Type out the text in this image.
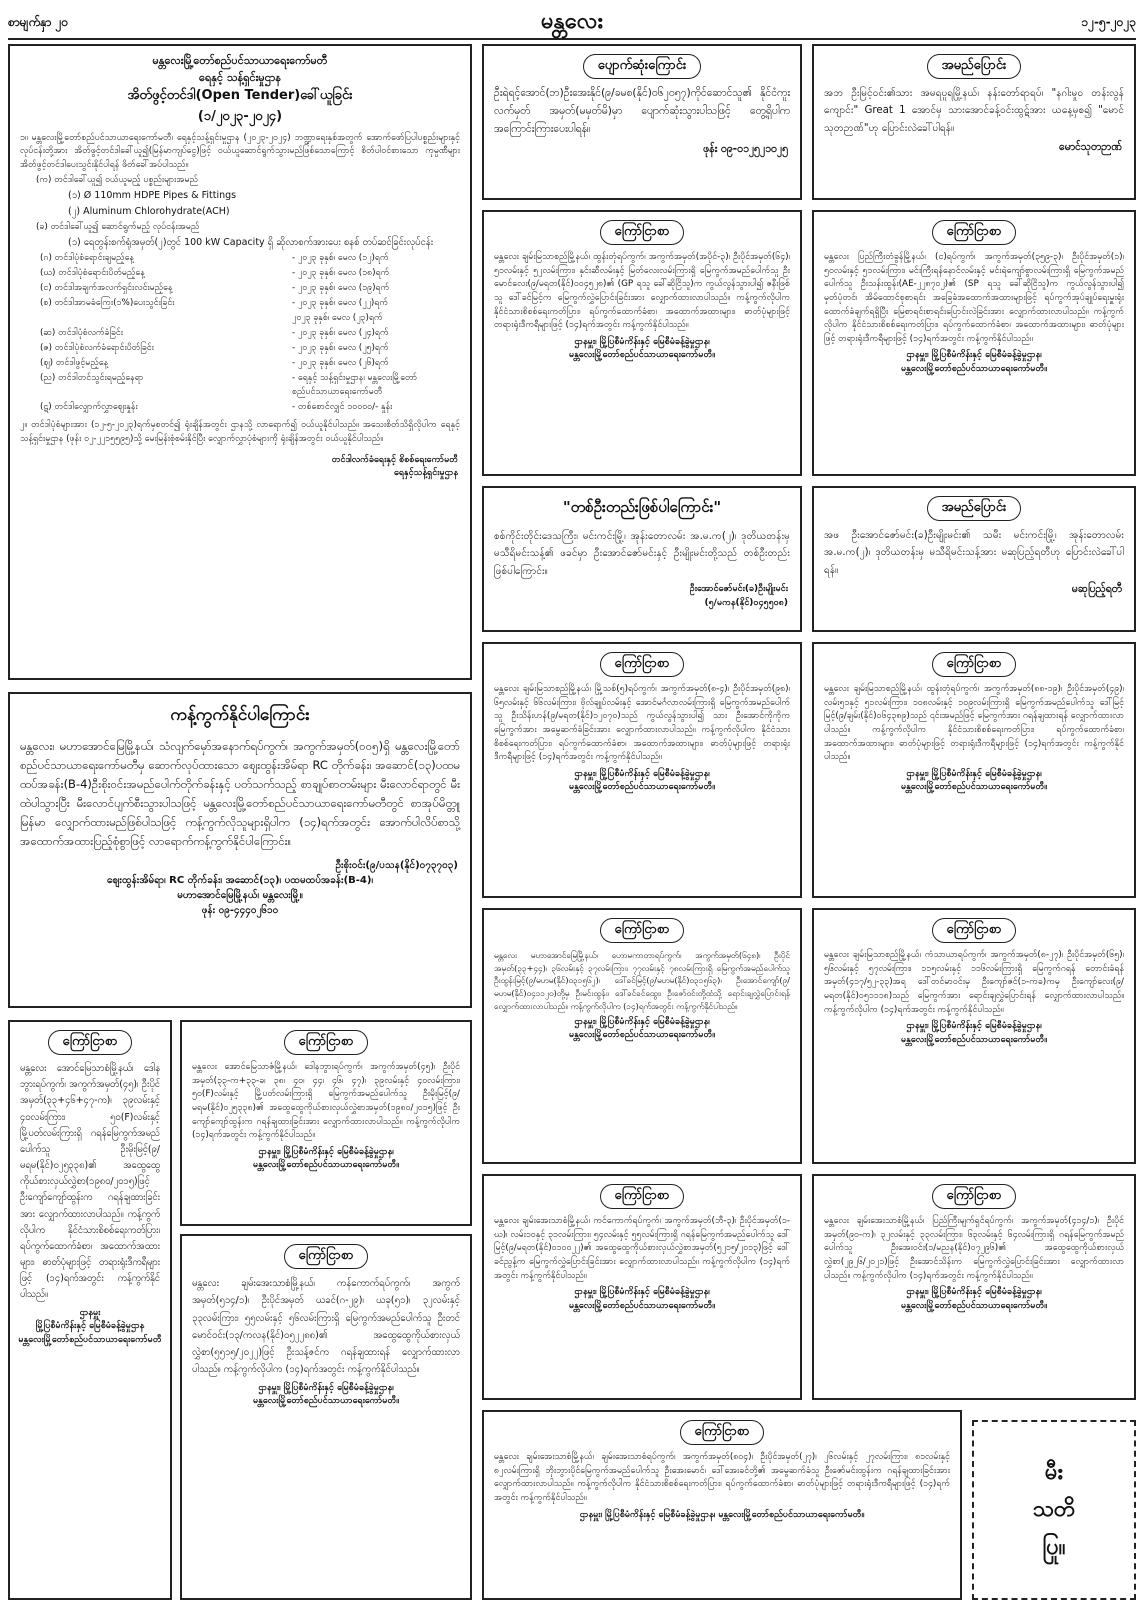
စာမျက်နှာ ၂၀	မန္တလေး	၁၂-၅-၂၀၂၃
မန္တလေးမြို့တော်စည်ပင်သာယာရေးကော်မတီ
ရေနှင့် သန့်ရှင်းမှုဌာန
အိတ်ဖွင့်တင်ဒါ(Open Tender)ခေါ်ယူခြင်း
(၁/၂၀၂၃-၂၀၂၄)
၁။ မန္တလေးမြို့တော်စည်ပင်သာယာရေးကော်မတီ၊ ရေနှင့်သန့်ရှင်းမှုဌာန (၂၀၂၃-၂၀၂၄) ဘဏ္ဍာရေးနှစ်အတွက် အောက်ဖော်ပြပါပစ္စည်းများနှင့် လုပ်ငန်းတို့အား အိတ်ဖွင့်တင်ဒါခေါ်ယူ၍(မြန်မာကျပ်ငွေ)ဖြင့် ဝယ်ယူဆောင်ရွက်သွားမည်ဖြစ်သောကြောင့် စိတ်ပါဝင်စားသော ကုမ္ပဏီများ အိတ်ဖွင့်တင်ဒါပေးသွင်းနိုင်ပါရန် ဖိတ်ခေါ်အပ်ပါသည်။
(က) တင်ဒါခေါ်ယူ၍ ဝယ်ယူမည့် ပစ္စည်းများအမည်
(၁) Ø 110mm HDPE Pipes & Fittings
(၂) Aluminum Chlorohydrate(ACH)
(ခ) တင်ဒါခေါ်ယူ၍ ဆောင်ရွက်မည့် လုပ်ငန်းအမည်
(၁) ရေတွန်းစက်ရုံအမှတ်(၂)တွင် 100 kW Capacity ရှိ ဆိုလာစက်အားပေး စနစ် တပ်ဆင်ခြင်းလုပ်ငန်း
(ဂ) တင်ဒါပုံစံရောင်းချမည့်နေ့	- ၂၀၂၃ ခုနှစ်၊ မေလ (၁၂)ရက်
(ဃ) တင်ဒါပုံစံရောင်းပိတ်မည့်နေ့	- ၂၀၂၃ ခုနှစ်၊ မေလ (၁၈)ရက်
(င) တင်ဒါအချက်အလက်ရှင်းလင်းမည့်နေ့	- ၂၀၂၃ ခုနှစ်၊ မေလ (၁၉)ရက်
(စ) တင်ဒါအာမခံကြေး(၁%)ပေးသွင်းခြင်း	- ၂၀၂၃ ခုနှစ်၊ မေလ (၂၂)ရက်
၂၀၂၃ ခုနှစ်၊ မေလ (၂၃)ရက်
(ဆ) တင်ဒါပုံစံလက်ခံခြင်း	- ၂၀၂၃ ခုနှစ်၊ မေလ (၂၄)ရက်
(ဇ) တင်ဒါပုံစံလက်ခံရောင်းပိတ်ခြင်း	- ၂၀၂၃ ခုနှစ်၊ မေလ (၂၅)ရက်
(ဈ) တင်ဒါဖွင့်မည့်နေ့	- ၂၀၂၃ ခုနှစ်၊ မေလ (၂၆)ရက်
(ည) တင်ဒါတင်သွင်းရမည့်နေရာ	- ရေနှင့် သန့်ရှင်းမှုဌာန၊ မန္တလေးမြို့တော် စည်ပင်သာယာရေးကော်မတီ
(ဋ) တင်ဒါလျှောက်လွှာစျေးနှုန်း	- တစ်စောင်လျှင် ၁၀၀၀၀/- နှုန်း
၂။ တင်ဒါပုံစံများအား (၁၂-၅-၂၀၂၃)ရက်မှစတင်၍ ရုံးချိန်အတွင်း ဌာနသို့ လာရောက်၍ ဝယ်ယူနိုင်ပါသည်။ အသေးစိတ်သိရှိလိုပါက ရေနှင့်သန့်ရှင်းမှုဌာန (ဖုန်း ၀၂-၂၂၁၅၅၉၅)သို့ မေးမြန်းစုံစမ်းနိုင်ပြီး လျှောက်လွှာပုံစံများကို ရုံးချိန်အတွင်း ဝယ်ယူနိုင်ပါသည်။
တင်ဒါလက်ခံရေးနှင့် စိစစ်ရေးကော်မတီ
ရေနှင့်သန့်ရှင်းမှုဌာန
ကန့်ကွက်နိုင်ပါကြောင်း
မန္တလေး၊ မဟာအောင်မြေမြို့နယ်၊ သံလျက်မှော်အနောက်ရပ်ကွက်၊ အကွက်အမှတ်(၀၀၅)ရှိ မန္တလေးမြို့တော်စည်ပင်သာယာရေးကော်မတီမှ ဆောက်လုပ်ထားသော ဈေးထွန်းအိမ်ရာ RC တိုက်ခန်း၊ အဆောင်(၁၃)ပထမထပ်အခန်း(B-4)ဦးစိုးဝင်းအမည်ပေါက်တိုက်ခန်းနှင့် ပတ်သက်သည့် စာချုပ်စာတမ်းများ မီးလောင်ရာတွင် မီးထဲပါသွားပြီး မီးလောင်ပျက်စီးသွားပါသဖြင့် မန္တလေးမြို့တော်စည်ပင်သာယာရေးကော်မတီတွင် စာအုပ်မိတ္တူမြန်မာ လျှောက်ထားမည်ဖြစ်ပါသဖြင့် ကန့်ကွက်လိုသူများရှိပါက (၁၄)ရက်အတွင်း အောက်ပါလိပ်စာသို့ အထောက်အထားပြည့်စုံစွာဖြင့် လာရောက်ကန့်ကွက်နိုင်ပါကြောင်း။
ဦးစိုးဝင်း(၉/ပသန(နိုင်)၀၇၃၇၀၃)
ဈေးထွန်းအိမ်ရာ၊ RC တိုက်ခန်း၊ အဆောင်(၁၃)၊ ပထမထပ်အခန်း(B-4)၊
မဟာအောင်မြေမြို့နယ်၊ မန္တလေးမြို့။
ဖုန်း ၀၉-၄၄၄၀၂၆၁၀
ကြော်ငြာစာ
မန္တလေး အောင်မြေသာစံမြို့နယ်၊ ဒေါနဘွားရပ်ကွက်၊ အကွက်အမှတ်(၄၅)၊ ဦးပိုင်အမှတ်(၃၃+၄၆+၄၇-က)၊ ၃၉လမ်းနှင့် ၄၀လမ်းကြား၊ ၅၀(F)လမ်းနှင့် မြို့ပတ်လမ်းကြားရှိ ဂရန်မြေကွက်အမည်ပေါက်သူ ဦးမိုးမြင့်(၉/မရမ(နိုင်)၀၂၅၃၃၈)၏ အထွေထွေကိုယ်စားလှယ်လွှဲစာ(၁၉၈၀/၂၀၁၅)ဖြင့် ဦးကျော်ကျော်ထွန်းက ဂရန်ချထားခြင်းအား လျှောက်ထားလာပါသည်။ ကန့်ကွက်လိုပါက နိုင်ငံသားစိစစ်ရေးကတ်ပြား၊ ရပ်ကွက်ထောက်ခံစာ၊ အထောက်အထားများ၊ ဓာတ်ပုံများဖြင့် တရားရုံးဒီကရီများဖြင့် (၁၄)ရက်အတွင်း ကန့်ကွက်နိုင်ပါသည်။
ဌာနမှူး
မြို့ပြစီမံကိန်းနှင့် မြေစီမံခန့်ခွဲမှုဌာန
မန္တလေးမြို့တော်စည်ပင်သာယာရေးကော်မတီ
ကြော်ငြာစာ
မန္တလေး အောင်မြေသာဇံမြို့နယ်၊ ဒေါနဘွားရပ်ကွက်၊ အကွက်အမှတ်(၄၅)၊ ဦးပိုင်အမှတ်(၃၃-က+၃၃-ခ၊ ၃၈၊ ၄၀၊ ၄၄၊ ၄၆၊ ၄၇)၊ ၃၉လမ်းနှင့် ၄၀လမ်းကြား၊ ၅၀(F)လမ်းနှင့် မြို့ပတ်လမ်းကြားရှိ မြေကွက်အမည်ပေါက်သူ ဦးမိုးမြင့်(၉/မရမ(နိုင်)၀၂၅၃၃၈)၏ အထွေထွေကိုယ်စားလှယ်လွှဲစာအမှတ်(၁၉၈၀/၂၀၁၅)ဖြင့် ဦးကျော်ကျော်ထွန်းက ဂရန်ချထားခြင်းအား လျှောက်ထားလာပါသည်။ ကန့်ကွက်လိုပါက (၁၄)ရက်အတွင်း ကန့်ကွက်နိုင်ပါသည်။
ဌာနမှူး၊ မြို့ပြစီမံကိန်းနှင့် မြေစီမံခန့်ခွဲမှုဌာန၊
မန္တလေးမြို့တော်စည်ပင်သာယာရေးကော်မတီ။
ကြော်ငြာစာ
မန္တလေး ချမ်းအေးသာစံမြို့နယ်၊ ကန်ကောက်ရပ်ကွက်၊ အကွက်အမှတ်(၅၁၄/၁)၊ ဦးပိုင်အမှတ် ယခင်(ဂ-၂၉)၊ ယခု(၅၁)၊ ၃၂လမ်းနှင့် ၃၃လမ်းကြား၊ ၅၅လမ်းနှင့် ၅၆လမ်းကြားရှိ မြေကွက်အမည်ပေါက်သူ ဦးတင်မောင်ဝင်း(၁၃/ကလန(နိုင်)၀၅၂၂၈၈)၏ အထွေထွေကိုယ်စားလှယ်လွှဲစာ(၅၅၁၅/၂၀၂၂)ဖြင့် ဦးသန့်ဇင်က ဂရန်ချထားရန် လျှောက်ထားလာပါသည်။ ကန့်ကွက်လိုပါက (၁၄)ရက်အတွင်း ကန့်ကွက်နိုင်ပါသည်။
ဌာနမှူး၊ မြို့ပြစီမံကိန်းနှင့် မြေစီမံခန့်ခွဲမှုဌာန၊
မန္တလေးမြို့တော်စည်ပင်သာယာရေးကော်မတီ။
ပျောက်ဆုံးကြောင်း
ဦးရဲရင့်အောင်(ဘ)ဦးအေးနိုင်(၉/ခမစ(နိုင်)၀၆၂၀၅၇)ကိုင်ဆောင်သူ၏ နိုင်ငံကူးလက်မှတ် အမှတ်(မမှတ်မိ)မှာ ပျောက်ဆုံးသွားပါသဖြင့် တွေ့ရှိပါက အကြောင်းကြားပေးပါရန်။
ဖုန်း ၀၉-၀၁၂၅၂၁၀၂၅
အမည်ပြောင်း
အဘ ဦးမြင့်ဝင်း၏သား အမရပူရမြို့နယ်၊ နန်းတော်ရာရပ်၊ "နဂါးမှုဝ တန်းလွန်ကျောင်း" Great 1 အောင်မှ သားအောင်ခန့်ဝင်းထွဋ်အား ယနေ့မှစ၍ "မောင်သုတဉာဏ်"ဟု ပြောင်းလဲခေါ်ပါရန်။
မောင်သုတဉာဏ်
ကြော်ငြာစာ
မန္တလေး ချမ်းမြသာစည်မြို့နယ်၊ ထွန်းတုံရပ်ကွက်၊ အကွက်အမှတ်(အပိုင်-၃)၊ ဦးပိုင်အမှတ်(၆၄)၊ ၅၁လမ်းနှင့် ၅၂လမ်းကြား၊ နှင်းဆီလမ်းနှင့် မြတ်လေးလမ်းကြားရှိ မြေကွက်အမည်ပေါက်သူ ဦးမောင်လေး(၉/မရတ(နိုင်)၀၀၄၅၂၈)၏ (GP ရသူ ခေါ်ဆိုငြိသူ)က ကွယ်လွန်သွားပါ၍ ဇနီးဖြစ်သူ ဒေါ်ခင်မြင့်က မြေကွက်လွှဲပြောင်းခြင်းအား လျှောက်ထားလာပါသည်။ ကန့်ကွက်လိုပါက နိုင်ငံသားစိစစ်ရေးကတ်ပြား၊ ရပ်ကွက်ထောက်ခံစာ၊ အထောက်အထားများ၊ ဓာတ်ပုံများဖြင့် တရားရုံးဒီကရီများဖြင့် (၁၄)ရက်အတွင်း ကန့်ကွက်နိုင်ပါသည်။
ဌာနမှူး၊ မြို့ပြစီမံကိန်းနှင့် မြေစီမံခန့်ခွဲမှုဌာန၊
မန္တလေးမြို့တော်စည်ပင်သာယာရေးကော်မတီ။
ကြော်ငြာစာ
မန္တလေး ပြည်ကြီးတံခွန်မြို့နယ်၊ (င)ရပ်ကွက်၊ အကွက်အမှတ်(၃၅၉-၃)၊ ဦးပိုင်အမှတ်(၁)၊ ၅၀လမ်းနှင့် ၅၁လမ်းကြား၊ မင်းကြီးရန်နောင်လမ်းနှင့် မင်းရဲကျော်စွာလမ်းကြားရှိ မြေကွက်အမည်ပေါက်သူ ဦးသန်းထွန်း(AE-၂၂၈၇၀၂)၏ (SP ရသူ ခေါ်ဆိုငြိသူ)က ကွယ်လွန်သွားပါ၍ မှတ်ပုံတင်၊ အိမ်ထောင်စုစာရင်း အခြေခံအထောက်အထားများဖြင့် ရပ်ကွက်အုပ်ချုပ်ရေးမှူးရုံး ထောက်ခံချက်ရရှိပြီး မြေစာရင်းစာရင်းပြောင်းလဲခြင်းအား လျှောက်ထားလာပါသည်။ ကန့်ကွက်လိုပါက နိုင်ငံသားစိစစ်ရေးကတ်ပြား၊ ရပ်ကွက်ထောက်ခံစာ၊ အထောက်အထားများ၊ ဓာတ်ပုံများဖြင့် တရားရုံးဒီကရီများဖြင့် (၁၄)ရက်အတွင်း ကန့်ကွက်နိုင်ပါသည်။
ဌာနမှူး၊ မြို့ပြစီမံကိန်းနှင့် မြေစီမံခန့်ခွဲမှုဌာန၊
မန္တလေးမြို့တော်စည်ပင်သာယာရေးကော်မတီ။
"တစ်ဦးတည်းဖြစ်ပါကြောင်း"
စစ်ကိုင်းတိုင်းဒေသကြီး၊ မင်းကင်းမြို့၊ အုန်းတောလမ်း အ.မ.က(၂)၊ ဒုတိယတန်းမှ မသီရိမင်းသန့်၏ ဖခင်မှာ ဦးအောင်ဇော်မင်းနှင့် ဦးမျိုးမင်းတို့သည် တစ်ဦးတည်းဖြစ်ပါကြောင်း။
ဦးအောင်ဇော်မင်း(ခ)ဦးမျိုးမင်း
(၅/မကန(နိုင်)၀၄၅၅၀၈)
အမည်ပြောင်း
အဖ ဦးအောင်ဇော်မင်း(ခ)ဦးမျိုးမင်း၏ သမီး မင်းကင်းမြို့၊ အုန်းတောလမ်း အ.မ.က(၂)၊ ဒုတိယတန်းမှ မသီရိမင်းသန့်အား မဆုပြည့်ရတီဟု ပြောင်းလဲခေါ်ပါရန်။
မဆုပြည့်ရတီ
ကြော်ငြာစာ
မန္တလေး ချမ်းမြသာစည်မြို့နယ်၊ မြို့သစ်(၅)ရပ်ကွက်၊ အကွက်အမှတ်(၈-၄)၊ ဦးပိုင်အမှတ်(၉၈)၊ ၆၅လမ်းနှင့် ၆၆လမ်းကြား၊ ဗိုလ်ချုပ်လမ်းနှင့် အောင်မင်္ဂလာလမ်းကြားရှိ မြေကွက်အမည်ပေါက်သူ ဦးသိန်းဟန်(၉/မရတ(နိုင်)၁၂၀၇၀)သည် ကွယ်လွန်သွားပါ၍ သား ဦးအောင်ကိုကိုက မြေကွက်အား အမွေဆက်ခံခြင်းအား လျှောက်ထားလာပါသည်။ ကန့်ကွက်လိုပါက နိုင်ငံသားစိစစ်ရေးကတ်ပြား၊ ရပ်ကွက်ထောက်ခံစာ၊ အထောက်အထားများ၊ ဓာတ်ပုံများဖြင့် တရားရုံးဒီကရီများဖြင့် (၁၄)ရက်အတွင်း ကန့်ကွက်နိုင်ပါသည်။
ဌာနမှူး၊ မြို့ပြစီမံကိန်းနှင့် မြေစီမံခန့်ခွဲမှုဌာန၊
မန္တလေးမြို့တော်စည်ပင်သာယာရေးကော်မတီ။
ကြော်ငြာစာ
မန္တလေး ချမ်းမြသာစည်မြို့နယ်၊ ထွန်းတုံရပ်ကွက်၊ အကွက်အမှတ်(၈၈-၁၉)၊ ဦးပိုင်အမှတ်(၄၉)၊ လမ်း၅၁နှင့် ၅၁လမ်းကြား၊ ၁၀၈လမ်းနှင့် ၁၀၉လမ်းကြားရှိ မြေကွက်အမည်ပေါက်သူ ဒေါ်မြင့်မြင့်(၉/ချမ်း(နိုင်)၀၆၄၃၈၉)သည် ၎င်းအမည်ဖြင့် မြေကွက်အား ဂရန်ချထားရန် လျှောက်ထားလာပါသည်။ ကန့်ကွက်လိုပါက နိုင်ငံသားစိစစ်ရေးကတ်ပြား၊ ရပ်ကွက်ထောက်ခံစာ၊ အထောက်အထားများ၊ ဓာတ်ပုံများဖြင့် တရားရုံးဒီကရီများဖြင့် (၁၄)ရက်အတွင်း ကန့်ကွက်နိုင်ပါသည်။
ဌာနမှူး၊ မြို့ပြစီမံကိန်းနှင့် မြေစီမံခန့်ခွဲမှုဌာန၊
မန္တလေးမြို့တော်စည်ပင်သာယာရေးကော်မတီ။
ကြော်ငြာစာ
မန္တလေး မဟာအောင်မြေမြို့နယ်၊ ဟောမကာတာရပ်ကွက်၊ အကွက်အမှတ်(၆၄၈)၊ ဦးပိုင်အမှတ်(၃၃+၄၄)၊ ၃၆လမ်းနှင့် ၃၇လမ်းကြား၊ ၇၇လမ်းနှင့် ၇၈လမ်းကြားရှိ မြေကွက်အမည်ပေါက်သူ ဦးထွန်းမြင့်(၉/မဟမ(နိုင်)၀၃၁၅၆၂)၊ ဒေါ်ခင်မြင့်(၉/မဟမ(နိုင်)၀၃၁၅၆၃)၊ ဦးအောင်ကျော်(၉/မဟမ(နိုင်)၀၄၁၁၂၀)တို့မှ ဦးမင်းထွန်း၊ ဒေါ်ခင်ခင်ထွေး၊ ဦးဇော်ဝင်းတို့ထံသို့ ရောင်းချလွှဲပြောင်းရန် လျှောက်ထားလာပါသည်။ ကန့်ကွက်လိုပါက (၁၄)ရက်အတွင်း ကန့်ကွက်နိုင်ပါသည်။
ဌာနမှူး၊ မြို့ပြစီမံကိန်းနှင့် မြေစီမံခန့်ခွဲမှုဌာန၊
မန္တလေးမြို့တော်စည်ပင်သာယာရေးကော်မတီ။
ကြော်ငြာစာ
မန္တလေး ချမ်းမြသာစည်မြို့နယ်၊ ကံသာယာရပ်ကွက်၊ အကွက်အမှတ်(၈-၂၇)၊ ဦးပိုင်အမှတ်(၆၅)၊ ၅၆လမ်းနှင့် ၅၇လမ်းကြား၊ ၁၁၅လမ်းနှင့် ၁၁၆လမ်းကြားရှိ မြေကွက်ဂရန် တောင်းခံရန်အမှတ်(၄၁၇/၅၂-၃၃)အရ ဒေါ်တင်မာဝင်းမှ ဦးကျော်ဇင်(၁-ကခ)ကမှ ဦးကျော်လေး(၉/မရတ(နိုင်)၀၅၁၁၁၈)သည် မြေကွက်အား ရောင်းချလွှဲပြောင်းရန် လျှောက်ထားလာပါသည်။ ကန့်ကွက်လိုပါက (၁၄)ရက်အတွင်း ကန့်ကွက်နိုင်ပါသည်။
ဌာနမှူး၊ မြို့ပြစီမံကိန်းနှင့် မြေစီမံခန့်ခွဲမှုဌာန၊
မန္တလေးမြို့တော်စည်ပင်သာယာရေးကော်မတီ။
ကြော်ငြာစာ
မန္တလေး ချမ်းအေးသာစံမြို့နယ်၊ ကင်ကောက်ရပ်ကွက်၊ အကွက်အမှတ်(ဘီ-၃)၊ ဦးပိုင်အမှတ်(၁-ဃ)၊ လမ်း၁၀နှင့် ၃၁လမ်းကြား၊ ၅၄လမ်းနှင့် ၅၅လမ်းကြားရှိ ဂရန်မြေကွက်အမည်ပေါက်သူ ဒေါ်မြင့်(၉/မရတ(နိုင်)၀၁၀၀၂၂)၏ အထွေထွေကိုယ်စားလှယ်လွှဲစာအမှတ်(၅၂၁၅/၂၀၁၃)ဖြင့် ဒေါ်ခင်ညွန့်က မြေကွက်လွှဲပြောင်းခြင်းအား လျှောက်ထားလာပါသည်။ ကန့်ကွက်လိုပါက (၁၄)ရက်အတွင်း ကန့်ကွက်နိုင်ပါသည်။
ဌာနမှူး၊ မြို့ပြစီမံကိန်းနှင့် မြေစီမံခန့်ခွဲမှုဌာန၊
မန္တလေးမြို့တော်စည်ပင်သာယာရေးကော်မတီ။
ကြော်ငြာစာ
မန္တလေး ချမ်းအေးသာစံမြို့နယ်၊ ပြည်ကြီးမျက်ရှင်ရပ်ကွက်၊ အကွက်အမှတ်(၄၁၄/၁)၊ ဦးပိုင်အမှတ်(၉၀-က)၊ ၃၂လမ်းနှင့် ၃၃လမ်းကြား၊ ၆၃လမ်းနှင့် ၆၄လမ်းကြားရှိ ဂရန်မြေကွက်အမည်ပေါက်သူ ဦးအေးဝင်း(၁/မညန(နိုင်)၀၇၂၉၆)၏ အထွေထွေကိုယ်စားလှယ်လွှဲစာ(၂၉၂၆/၂၀၂၁)ဖြင့် ဦးအောင်သိန်းက မြေကွက်လွှဲပြောင်းခြင်းအား လျှောက်ထားလာပါသည်။ ကန့်ကွက်လိုပါက (၁၄)ရက်အတွင်း ကန့်ကွက်နိုင်ပါသည်။
ဌာနမှူး၊ မြို့ပြစီမံကိန်းနှင့် မြေစီမံခန့်ခွဲမှုဌာန၊
မန္တလေးမြို့တော်စည်ပင်သာယာရေးကော်မတီ။
ကြော်ငြာစာ
မန္တလေး ချမ်းအေးသာစံမြို့နယ်၊ ချမ်းအေးသာစံရပ်ကွက်၊ အကွက်အမှတ်(၈၀၄)၊ ဦးပိုင်အမှတ်(၂၇)၊ ၂၆လမ်းနှင့် ၂၇လမ်းကြား၊ ၈၁လမ်းနှင့် ၈၂လမ်းကြားရှိ ဘိုးဘွားပိုင်မြေကွက်အမည်ပေါက်သူ ဦးအေးမောင်၊ ဒေါ်အေးခင်တို့၏ အမွေဆက်ခံသူ ဦးဇော်မင်းထွန်းက ဂရန်ချထားခြင်းအား လျှောက်ထားလာပါသည်။ ကန့်ကွက်လိုပါက နိုင်ငံသားစိစစ်ရေးကတ်ပြား၊ ရပ်ကွက်ထောက်ခံစာ၊ ဓာတ်ပုံများဖြင့် တရားရုံးဒီကရီများဖြင့် (၁၄)ရက်အတွင်း ကန့်ကွက်နိုင်ပါသည်။
ဌာနမှူး၊ မြို့ပြစီမံကိန်းနှင့် မြေစီမံခန့်ခွဲမှုဌာန၊ မန္တလေးမြို့တော်စည်ပင်သာယာရေးကော်မတီ။
မီး
သတိ
ပြု။
